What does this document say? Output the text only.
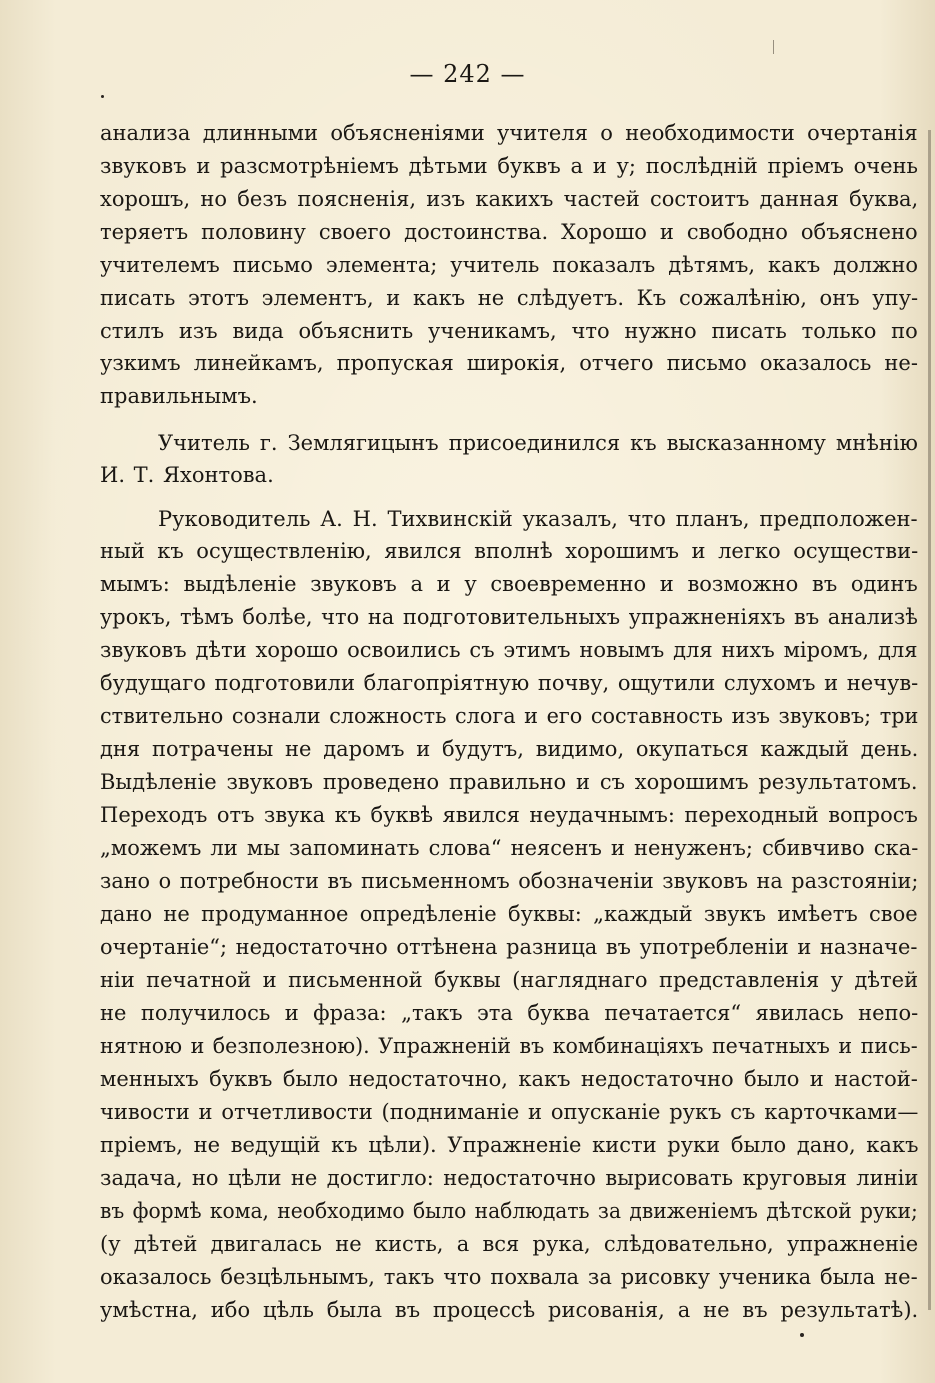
— 242 —
анализа длинными объясненіями учителя о необходимости очертанія
звуковъ и разсмотрѣніемъ дѣтьми буквъ а и у; послѣдній пріемъ очень
хорошъ, но безъ поясненія, изъ какихъ частей состоитъ данная буква,
теряетъ половину своего достоинства. Хорошо и свободно объяснено
учителемъ письмо элемента; учитель показалъ дѣтямъ, какъ должно
писать этотъ элементъ, и какъ не слѣдуетъ. Къ сожалѣнію, онъ упу-
стилъ изъ вида объяснить ученикамъ, что нужно писать только по
узкимъ линейкамъ, пропуская широкія, отчего письмо оказалось не-
правильнымъ.
Учитель г. Землягицынъ присоединился къ высказанному мнѣнію
И. Т. Яхонтова.
Руководитель А. Н. Тихвинскій указалъ, что планъ, предположен-
ный къ осуществленію, явился вполнѣ хорошимъ и легко осуществи-
мымъ: выдѣленіе звуковъ а и у своевременно и возможно въ одинъ
урокъ, тѣмъ болѣе, что на подготовительныхъ упражненіяхъ въ анализѣ
звуковъ дѣти хорошо освоились съ этимъ новымъ для нихъ міромъ, для
будущаго подготовили благопріятную почву, ощутили слухомъ и нечув-
ствительно сознали сложность слога и его составность изъ звуковъ; три
дня потрачены не даромъ и будутъ, видимо, окупаться каждый день.
Выдѣленіе звуковъ проведено правильно и съ хорошимъ результатомъ.
Переходъ отъ звука къ буквѣ явился неудачнымъ: переходный вопросъ
„можемъ ли мы запоминать слова“ неясенъ и ненуженъ; сбивчиво ска-
зано о потребности въ письменномъ обозначеніи звуковъ на разстояніи;
дано не продуманное опредѣленіе буквы: „каждый звукъ имѣетъ свое
очертаніе“; недостаточно оттѣнена разница въ употребленіи и назначе-
ніи печатной и письменной буквы (нагляднаго представленія у дѣтей
не получилось и фраза: „такъ эта буква печатается“ явилась непо-
нятною и безполезною). Упражненій въ комбинаціяхъ печатныхъ и пись-
менныхъ буквъ было недостаточно, какъ недостаточно было и настой-
чивости и отчетливости (подниманіе и опусканіе рукъ съ карточками—
пріемъ, не ведущій къ цѣли). Упражненіе кисти руки было дано, какъ
задача, но цѣли не достигло: недостаточно вырисовать круговыя линіи
въ формѣ кома, необходимо было наблюдать за движеніемъ дѣтской руки;
(у дѣтей двигалась не кисть, а вся рука, слѣдовательно, упражненіе
оказалось безцѣльнымъ, такъ что похвала за рисовку ученика была не-
умѣстна, ибо цѣль была въ процессѣ рисованія, а не въ результатѣ).
